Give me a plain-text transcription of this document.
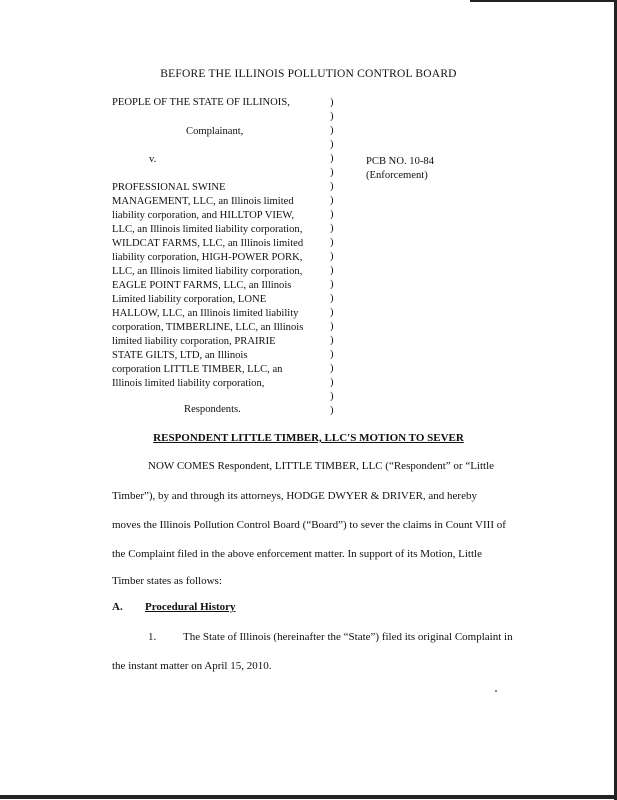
BEFORE THE ILLINOIS POLLUTION CONTROL BOARD
PEOPLE OF THE STATE OF ILLINOIS,
Complainant,
v.
PROFESSIONAL SWINE
MANAGEMENT, LLC, an Illinois limited
liability corporation, and HILLTOP VIEW,
LLC, an Illinois limited liability corporation,
WILDCAT FARMS, LLC, an Illinois limited
liability corporation, HIGH-POWER PORK,
LLC, an Illinois limited liability corporation,
EAGLE POINT FARMS, LLC, an Illinois
Limited liability corporation, LONE
HALLOW, LLC, an Illinois limited liability
corporation, TIMBERLINE, LLC, an Illinois
limited liability corporation, PRAIRIE
STATE GILTS, LTD, an Illinois
corporation LITTLE TIMBER, LLC, an
Illinois limited liability corporation,
Respondents.
)
)
)
)
)
)
)
)
)
)
)
)
)
)
)
)
)
)
)
)
)
)
)
PCB NO. 10-84
(Enforcement)
RESPONDENT LITTLE TIMBER, LLC'S MOTION TO SEVER
NOW COMES Respondent, LITTLE TIMBER, LLC (“Respondent” or “Little
Timber”), by and through its attorneys, HODGE DWYER & DRIVER, and hereby
moves the Illinois Pollution Control Board (“Board”) to sever the claims in Count VIII of
the Complaint filed in the above enforcement matter. In support of its Motion, Little
Timber states as follows:
A. Procedural History
1. The State of Illinois (hereinafter the “State”) filed its original Complaint in
the instant matter on April 15, 2010.
